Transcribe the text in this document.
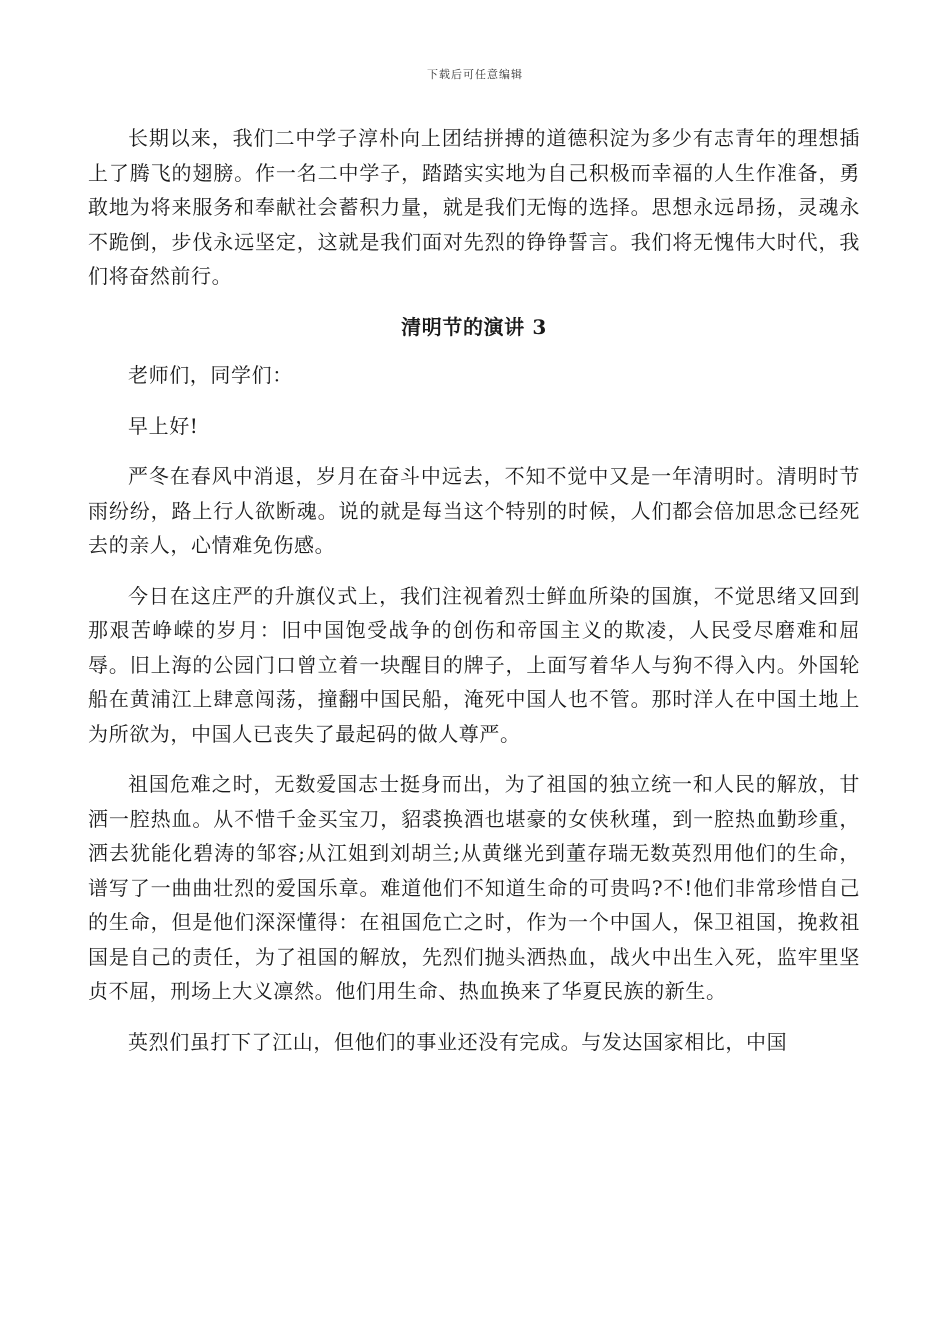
下载后可任意编辑

长期以来，我们二中学子淳朴向上团结拼搏的道德积淀为多少有志青年的理想插上了腾飞的翅膀。作一名二中学子，踏踏实实地为自己积极而幸福的人生作准备，勇敢地为将来服务和奉献社会蓄积力量，就是我们无悔的选择。思想永远昂扬，灵魂永不跪倒，步伐永远坚定，这就是我们面对先烈的铮铮誓言。我们将无愧伟大时代，我们将奋然前行。

清明节的演讲 3

老师们，同学们：

早上好!

严冬在春风中消退，岁月在奋斗中远去，不知不觉中又是一年清明时。清明时节雨纷纷，路上行人欲断魂。说的就是每当这个特别的时候，人们都会倍加思念已经死去的亲人，心情难免伤感。

今日在这庄严的升旗仪式上，我们注视着烈士鲜血所染的国旗，不觉思绪又回到那艰苦峥嵘的岁月：旧中国饱受战争的创伤和帝国主义的欺凌，人民受尽磨难和屈辱。旧上海的公园门口曾立着一块醒目的牌子，上面写着华人与狗不得入内。外国轮船在黄浦江上肆意闯荡，撞翻中国民船，淹死中国人也不管。那时洋人在中国土地上为所欲为，中国人已丧失了最起码的做人尊严。

祖国危难之时，无数爱国志士挺身而出，为了祖国的独立统一和人民的解放，甘洒一腔热血。从不惜千金买宝刀，貂裘换酒也堪豪的女侠秋瑾，到一腔热血勤珍重，洒去犹能化碧涛的邹容;从江姐到刘胡兰;从黄继光到董存瑞无数英烈用他们的生命，谱写了一曲曲壮烈的爱国乐章。难道他们不知道生命的可贵吗?不!他们非常珍惜自己的生命，但是他们深深懂得：在祖国危亡之时，作为一个中国人，保卫祖国，挽救祖国是自己的责任，为了祖国的解放，先烈们抛头洒热血，战火中出生入死，监牢里坚贞不屈，刑场上大义凛然。他们用生命、热血换来了华夏民族的新生。

英烈们虽打下了江山，但他们的事业还没有完成。与发达国家相比，中国
